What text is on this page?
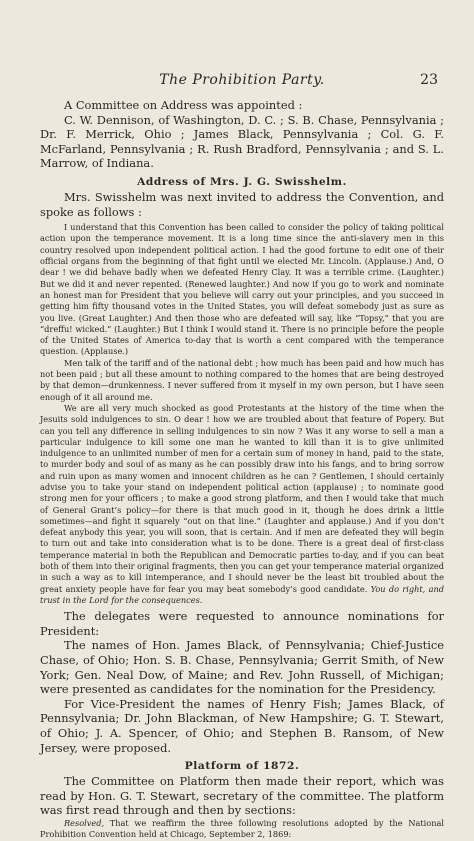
The Prohibition Party.	23

A Committee on Address was appointed :

C. W. Dennison, of Washington, D. C. ; S. B. Chase, Pennsylvania ; Dr. F. Merrick, Ohio ; James Black, Pennsylvania ; Col. G. F. McFarland, Pennsylvania ; R. Rush Bradford, Pennsylvania ; and S. L. Marrow, of Indiana.

Address of Mrs. J. G. Swisshelm.

Mrs. Swisshelm was next invited to address the Convention, and spoke as follows :

I understand that this Convention has been called to consider the policy of taking political action upon the temperance movement. It is a long time since the anti-slavery men in this country resolved upon independent political action. I had the good fortune to edit one of their official organs from the beginning of that fight until we elected Mr. Lincoln. (Applause.) And, O dear ! we did behave badly when we defeated Henry Clay. It was a terrible crime. (Laughter.) But we did it and never repented. (Renewed laughter.) And now if you go to work and nominate an honest man for President that you believe will carry out your principles, and you succeed in getting him fifty thousand votes in the United States, you will defeat somebody just as sure as you live. (Great Laughter.) And then those who are defeated will say, like “Topsy,” that you are “dreffu! wicked.” (Laughter.) But I think I would stand it. There is no principle before the people of the United States of America to-day that is worth a cent compared with the temperance question. (Applause.)

Men talk of the tariff and of the national debt ; how much has been paid and how much has not been paid ; but all these amount to nothing compared to the homes that are being destroyed by that demon—drunkenness. I never suffered from it myself in my own person, but I have seen enough of it all around me.

We are all very much shocked as good Protestants at the history of the time when the Jesuits sold indulgences to sin. O dear ! how we are troubled about that feature of Popery. But can you tell any difference in selling indulgences to sin now ? Was it any worse to sell a man a particular indulgence to kill some one man he wanted to kill than it is to give unlimited indulgence to an unlimited number of men for a certain sum of money in hand, paid to the state, to murder body and soul of as many as he can possibly draw into his fangs, and to bring sorrow and ruin upon as many women and innocent children as he can ? Gentlemen, I should certainly advise you to take your stand on independent political action (applause) ; to nominate good strong men for your officers ; to make a good strong platform, and then I would take that much of General Grant’s policy—for there is that much good in it, though he does drink a little sometimes—and fight it squarely “out on that line.” (Laughter and applause.) And if you don’t defeat anybody this year, you will soon, that is certain. And if men are defeated they will begin to turn out and take into consideration what is to be done. There is a great deal of first-class temperance material in both the Republican and Democratic parties to-day, and if you can beat both of them into their original fragments, then you can get your temperance material organized in such a way as to kill intemperance, and I should never be the least bit troubled about the great anxiety people have for fear you may beat somebody’s good candidate. You do right, and trust in the Lord for the consequences.

The delegates were requested to announce nominations for President:

The names of Hon. James Black, of Pennsylvania; Chief-Justice Chase, of Ohio; Hon. S. B. Chase, Pennsylvania; Gerrit Smith, of New York; Gen. Neal Dow, of Maine; and Rev. John Russell, of Michigan; were presented as candidates for the nomination for the Presidency.

For Vice-President the names of Henry Fish; James Black, of Pennsylvania; Dr. John Blackman, of New Hampshire; G. T. Stewart, of Ohio; J. A. Spencer, of Ohio; and Stephen B. Ransom, of New Jersey, were proposed.

Platform of 1872.

The Committee on Platform then made their report, which was read by Hon. G. T. Stewart, secretary of the committee. The platform was first read through and then by sections:

Resolved, That we reaffirm the three following resolutions adopted by the National Prohibition Convention held at Chicago, September 2, 1869:
